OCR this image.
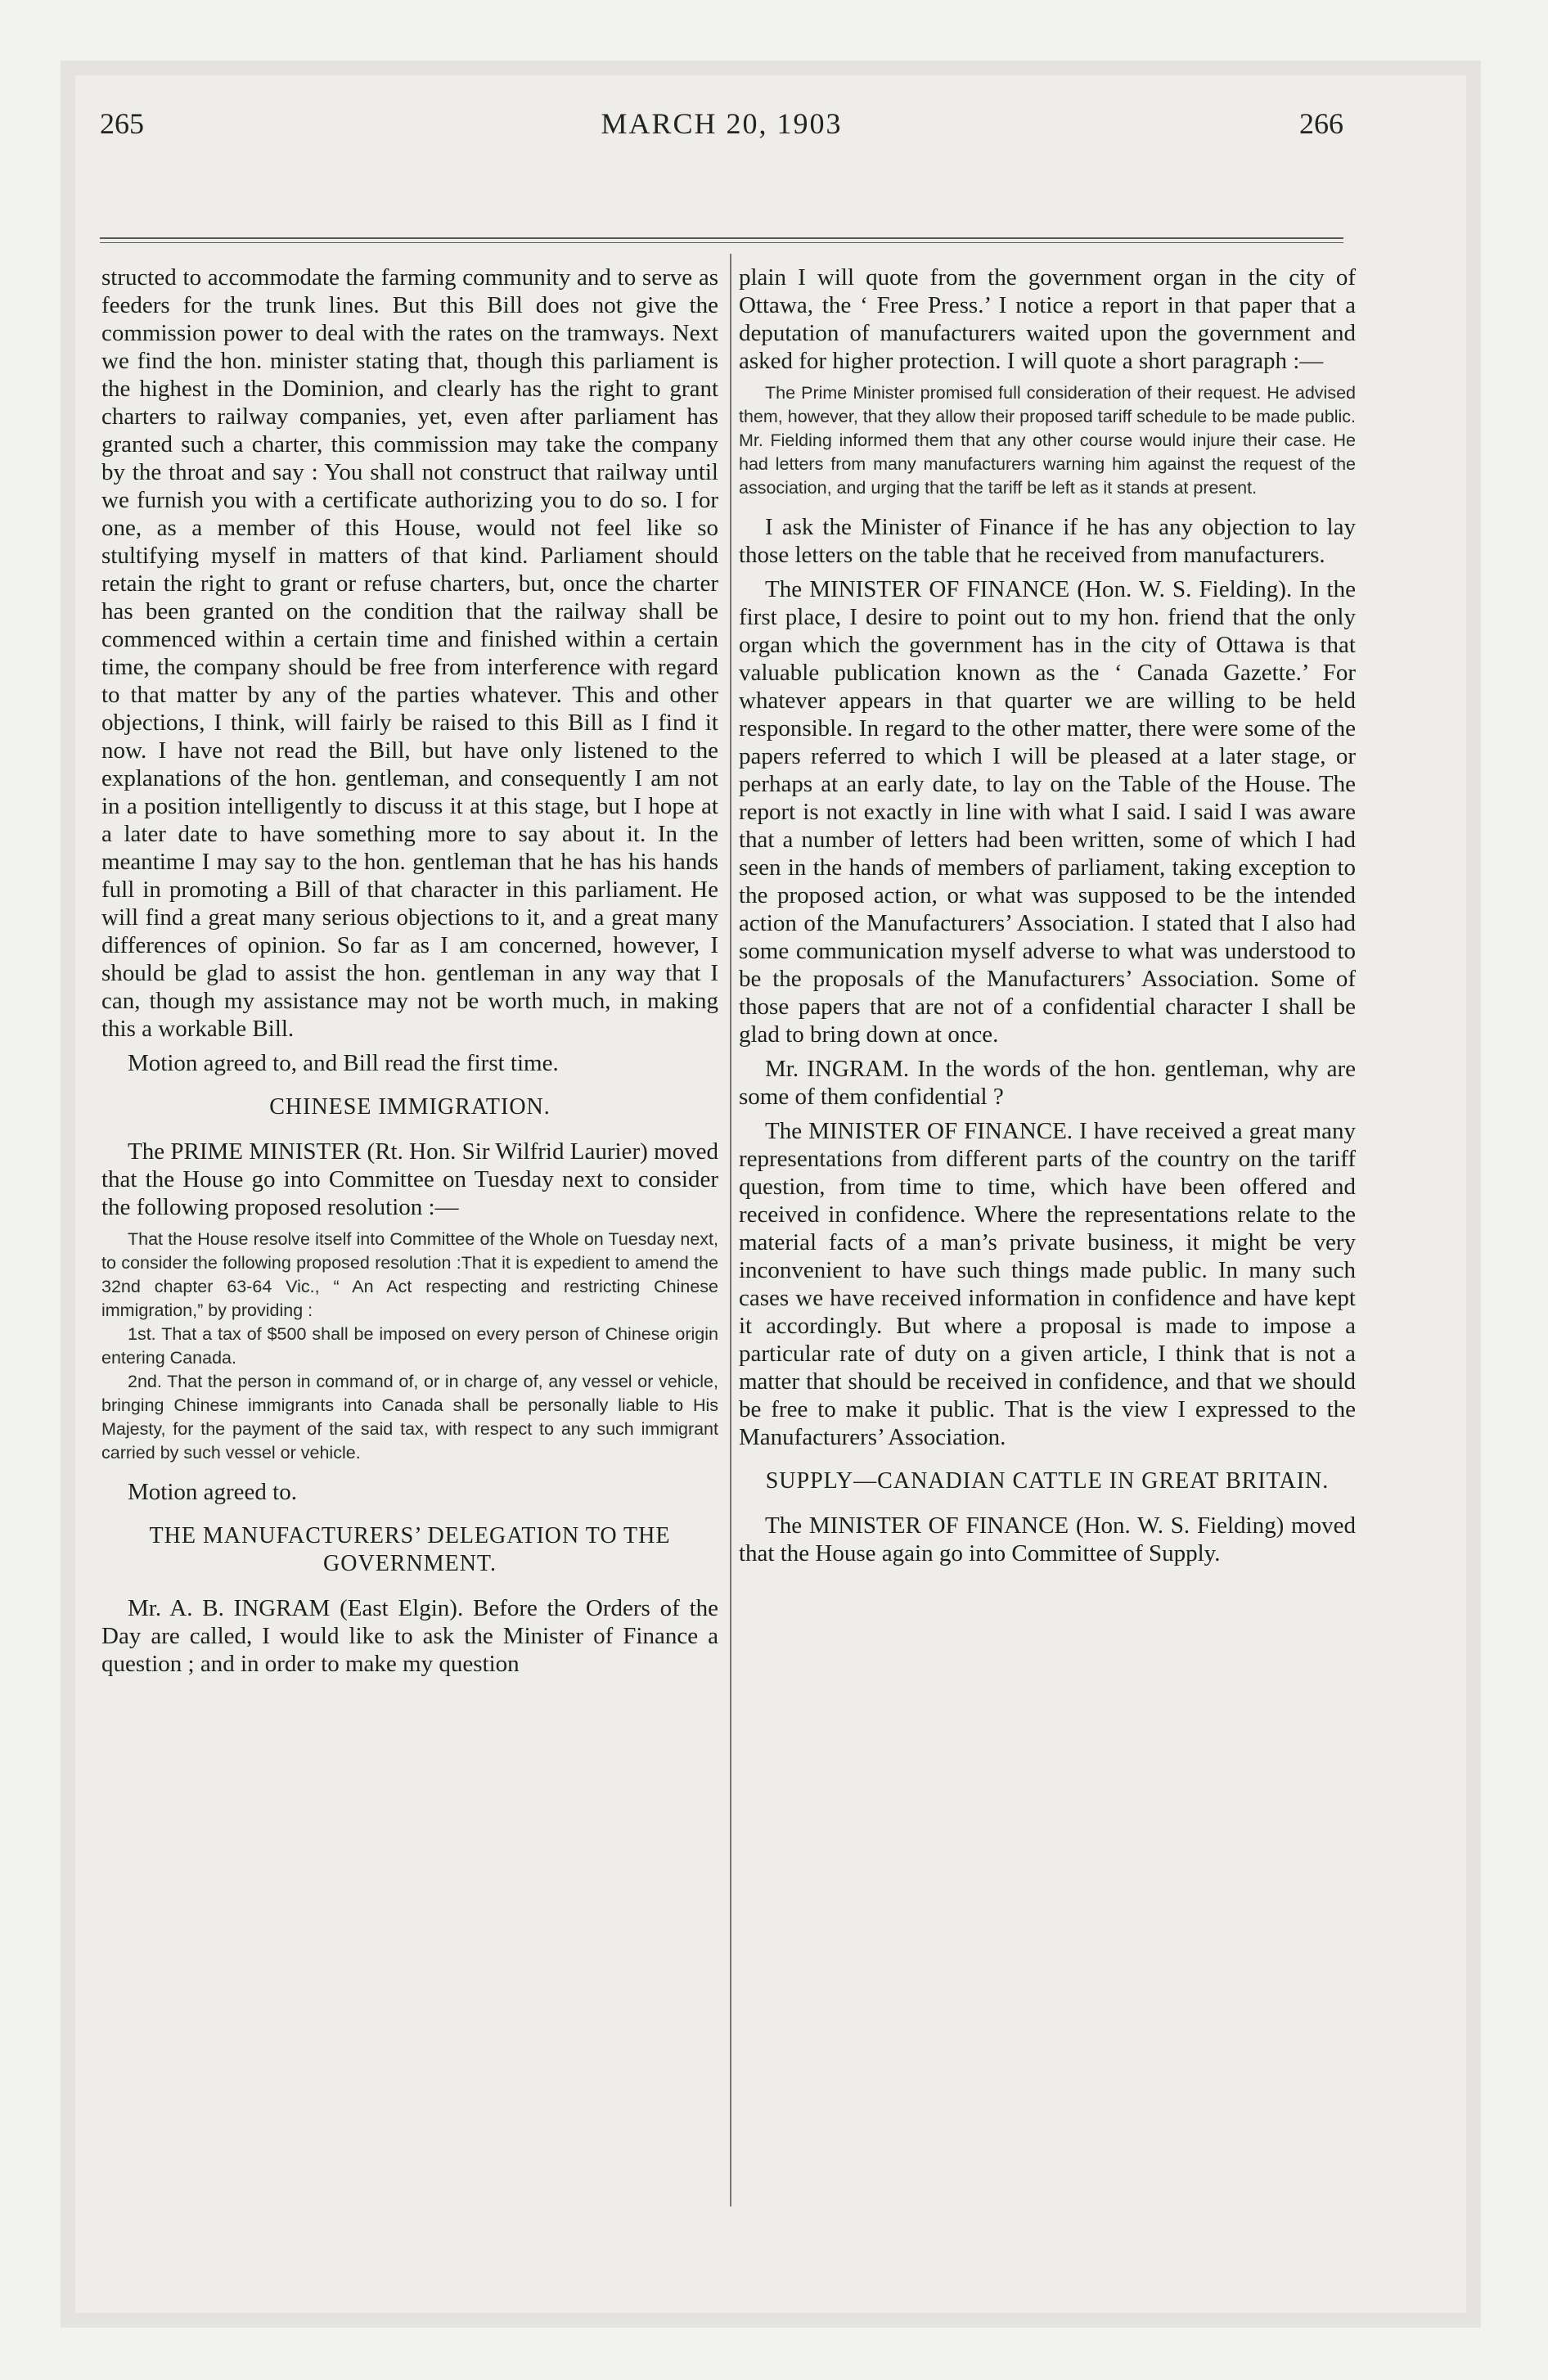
265	MARCH 20, 1903	266

structed to accommodate the farming community and to serve as feeders for the trunk lines. But this Bill does not give the commission power to deal with the rates on the tramways. Next we find the hon. minister stating that, though this parliament is the highest in the Dominion, and clearly has the right to grant charters to railway companies, yet, even after parliament has granted such a charter, this commission may take the company by the throat and say : You shall not construct that railway until we furnish you with a certificate authorizing you to do so. I for one, as a member of this House, would not feel like so stultifying myself in matters of that kind. Parliament should retain the right to grant or refuse charters, but, once the charter has been granted on the condition that the railway shall be commenced within a certain time and finished within a certain time, the company should be free from interference with regard to that matter by any of the parties whatever. This and other objections, I think, will fairly be raised to this Bill as I find it now. I have not read the Bill, but have only listened to the explanations of the hon. gentleman, and consequently I am not in a position intelligently to discuss it at this stage, but I hope at a later date to have something more to say about it. In the meantime I may say to the hon. gentleman that he has his hands full in promoting a Bill of that character in this parliament. He will find a great many serious objections to it, and a great many differences of opinion. So far as I am concerned, however, I should be glad to assist the hon. gentleman in any way that I can, though my assistance may not be worth much, in making this a workable Bill.

Motion agreed to, and Bill read the first time.

CHINESE IMMIGRATION.

The PRIME MINISTER (Rt. Hon. Sir Wilfrid Laurier) moved that the House go into Committee on Tuesday next to consider the following proposed resolution :—

That the House resolve itself into Committee of the Whole on Tuesday next, to consider the following proposed resolution :That it is expedient to amend the 32nd chapter 63-64 Vic., “ An Act respecting and restricting Chinese immigration,” by providing :

1st. That a tax of $500 shall be imposed on every person of Chinese origin entering Canada.

2nd. That the person in command of, or in charge of, any vessel or vehicle, bringing Chinese immigrants into Canada shall be personally liable to His Majesty, for the payment of the said tax, with respect to any such immigrant carried by such vessel or vehicle.

Motion agreed to.

THE MANUFACTURERS’ DELEGATION TO THE GOVERNMENT.

Mr. A. B. INGRAM (East Elgin). Before the Orders of the Day are called, I would like to ask the Minister of Finance a question ; and in order to make my question

plain I will quote from the government organ in the city of Ottawa, the ‘ Free Press.’ I notice a report in that paper that a deputation of manufacturers waited upon the government and asked for higher protection. I will quote a short paragraph :—

The Prime Minister promised full consideration of their request. He advised them, however, that they allow their proposed tariff schedule to be made public. Mr. Fielding informed them that any other course would injure their case. He had letters from many manufacturers warning him against the request of the association, and urging that the tariff be left as it stands at present.

I ask the Minister of Finance if he has any objection to lay those letters on the table that he received from manufacturers.

The MINISTER OF FINANCE (Hon. W. S. Fielding). In the first place, I desire to point out to my hon. friend that the only organ which the government has in the city of Ottawa is that valuable publication known as the ‘ Canada Gazette.’ For whatever appears in that quarter we are willing to be held responsible. In regard to the other matter, there were some of the papers referred to which I will be pleased at a later stage, or perhaps at an early date, to lay on the Table of the House. The report is not exactly in line with what I said. I said I was aware that a number of letters had been written, some of which I had seen in the hands of members of parliament, taking exception to the proposed action, or what was supposed to be the intended action of the Manufacturers’ Association. I stated that I also had some communication myself adverse to what was understood to be the proposals of the Manufacturers’ Association. Some of those papers that are not of a confidential character I shall be glad to bring down at once.

Mr. INGRAM. In the words of the hon. gentleman, why are some of them confidential ?

The MINISTER OF FINANCE. I have received a great many representations from different parts of the country on the tariff question, from time to time, which have been offered and received in confidence. Where the representations relate to the material facts of a man’s private business, it might be very inconvenient to have such things made public. In many such cases we have received information in confidence and have kept it accordingly. But where a proposal is made to impose a particular rate of duty on a given article, I think that is not a matter that should be received in confidence, and that we should be free to make it public. That is the view I expressed to the Manufacturers’ Association.

SUPPLY—CANADIAN CATTLE IN GREAT BRITAIN.

The MINISTER OF FINANCE (Hon. W. S. Fielding) moved that the House again go into Committee of Supply.
